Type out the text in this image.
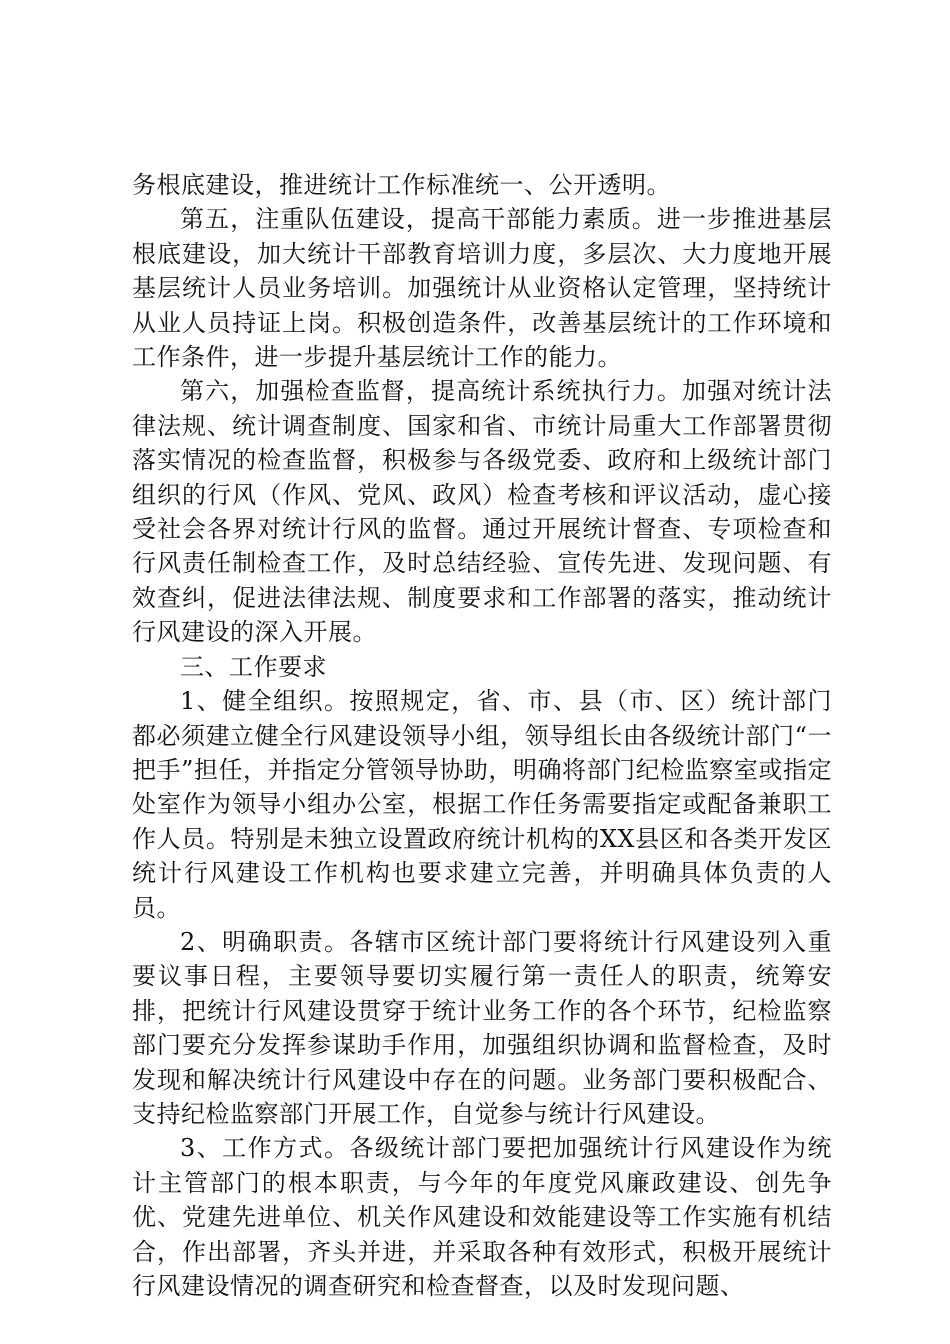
务根底建设，推进统计工作标准统一、公开透明。

第五，注重队伍建设，提高干部能力素质。进一步推进基层根底建设，加大统计干部教育培训力度，多层次、大力度地开展基层统计人员业务培训。加强统计从业资格认定管理，坚持统计从业人员持证上岗。积极创造条件，改善基层统计的工作环境和工作条件，进一步提升基层统计工作的能力。

第六，加强检查监督，提高统计系统执行力。加强对统计法律法规、统计调查制度、国家和省、市统计局重大工作部署贯彻落实情况的检查监督，积极参与各级党委、政府和上级统计部门组织的行风（作风、党风、政风）检查考核和评议活动，虚心接受社会各界对统计行风的监督。通过开展统计督查、专项检查和行风责任制检查工作，及时总结经验、宣传先进、发现问题、有效查纠，促进法律法规、制度要求和工作部署的落实，推动统计行风建设的深入开展。

三、工作要求

1、健全组织。按照规定，省、市、县（市、区）统计部门都必须建立健全行风建设领导小组，领导组长由各级统计部门“一把手”担任，并指定分管领导协助，明确将部门纪检监察室或指定处室作为领导小组办公室，根据工作任务需要指定或配备兼职工作人员。特别是未独立设置政府统计机构的XX县区和各类开发区统计行风建设工作机构也要求建立完善，并明确具体负责的人员。

2、明确职责。各辖市区统计部门要将统计行风建设列入重要议事日程，主要领导要切实履行第一责任人的职责，统筹安排，把统计行风建设贯穿于统计业务工作的各个环节，纪检监察部门要充分发挥参谋助手作用，加强组织协调和监督检查，及时发现和解决统计行风建设中存在的问题。业务部门要积极配合、支持纪检监察部门开展工作，自觉参与统计行风建设。

3、工作方式。各级统计部门要把加强统计行风建设作为统计主管部门的根本职责，与今年的年度党风廉政建设、创先争优、党建先进单位、机关作风建设和效能建设等工作实施有机结合，作出部署，齐头并进，并采取各种有效形式，积极开展统计行风建设情况的调查研究和检查督查，以及时发现问题、
